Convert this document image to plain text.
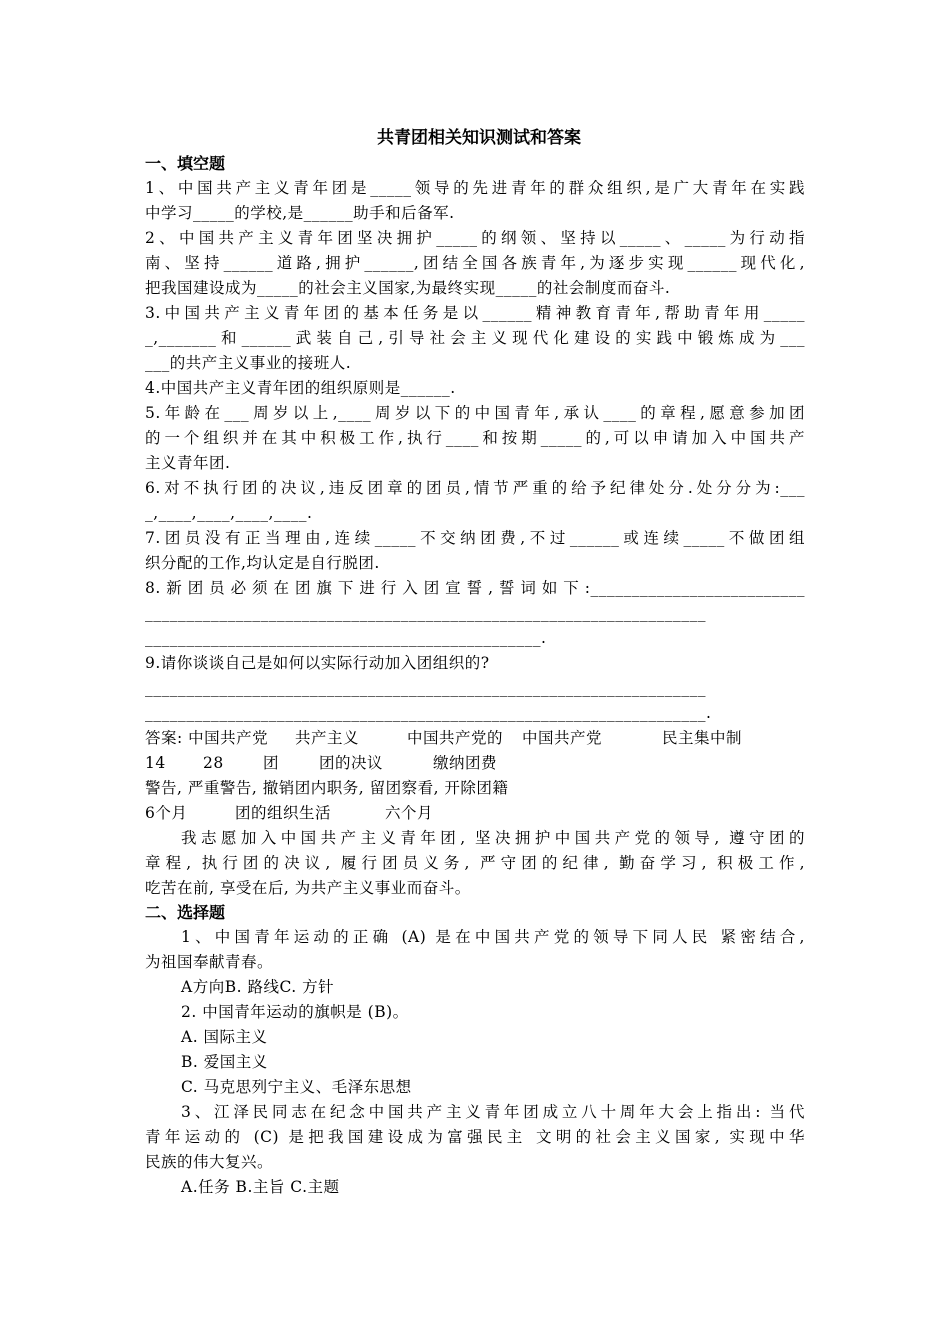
共青团相关知识测试和答案
一、填空题
1、中国共产主义青年团是_____领导的先进青年的群众组织,是广大青年在实践
中学习_____的学校,是______助手和后备军.
2、中国共产主义青年团坚决拥护_____的纲领、坚持以_____、_____为行动指
南、坚持______道路,拥护______,团结全国各族青年,为逐步实现______现代化,
把我国建设成为_____的社会主义国家,为最终实现_____的社会制度而奋斗.
3.中国共产主义青年团的基本任务是以______精神教育青年,帮助青年用_____
_,_______和______武装自己,引导社会主义现代化建设的实践中锻炼成为___
___的共产主义事业的接班人.
4.中国共产主义青年团的组织原则是______.
5.年龄在___周岁以上,____周岁以下的中国青年,承认____的章程,愿意参加团
的一个组织并在其中积极工作,执行____和按期_____的,可以申请加入中国共产
主义青年团.
6.对不执行团的决议,违反团章的团员,情节严重的给予纪律处分.处分分为:___
_,____,____,____,____.
7.团员没有正当理由,连续_____不交纳团费,不过______或连续_____不做团组
织分配的工作,均认定是自行脱团.
8.新团员必须在团旗下进行入团宣誓,誓词如下:__________________________
____________________________________________________________________
________________________________________________.
9.请你谈谈自己是如何以实际行动加入团组织的?
____________________________________________________________________
____________________________________________________________________.
答案: 中国共产党 共产主义	中国共产党的 中国共产党	民主集中制
14 28	团	团的决议	缴纳团费
警告, 严重警告, 撤销团内职务, 留团察看, 开除团籍
6个月	团的组织生活	六个月
我志愿加入中国共产主义青年团, 坚决拥护中国共产党的领导, 遵守团的
章程, 执行团的决议, 履行团员义务, 严守团的纪律, 勤奋学习, 积极工作,
吃苦在前, 享受在后, 为共产主义事业而奋斗。
二、选择题
1、中国青年运动的正确 (A) 是在中国共产党的领导下同人民 紧密结合,
为祖国奉献青春。
A方向B. 路线C. 方针
2. 中国青年运动的旗帜是 (B)。
A. 国际主义
B. 爱国主义
C. 马克思列宁主义、毛泽东思想
3、江泽民同志在纪念中国共产主义青年团成立八十周年大会上指出: 当代
青年运动的 (C) 是把我国建设成为富强民主 文明的社会主义国家, 实现中华
民族的伟大复兴。
A.任务 B.主旨 C.主题
